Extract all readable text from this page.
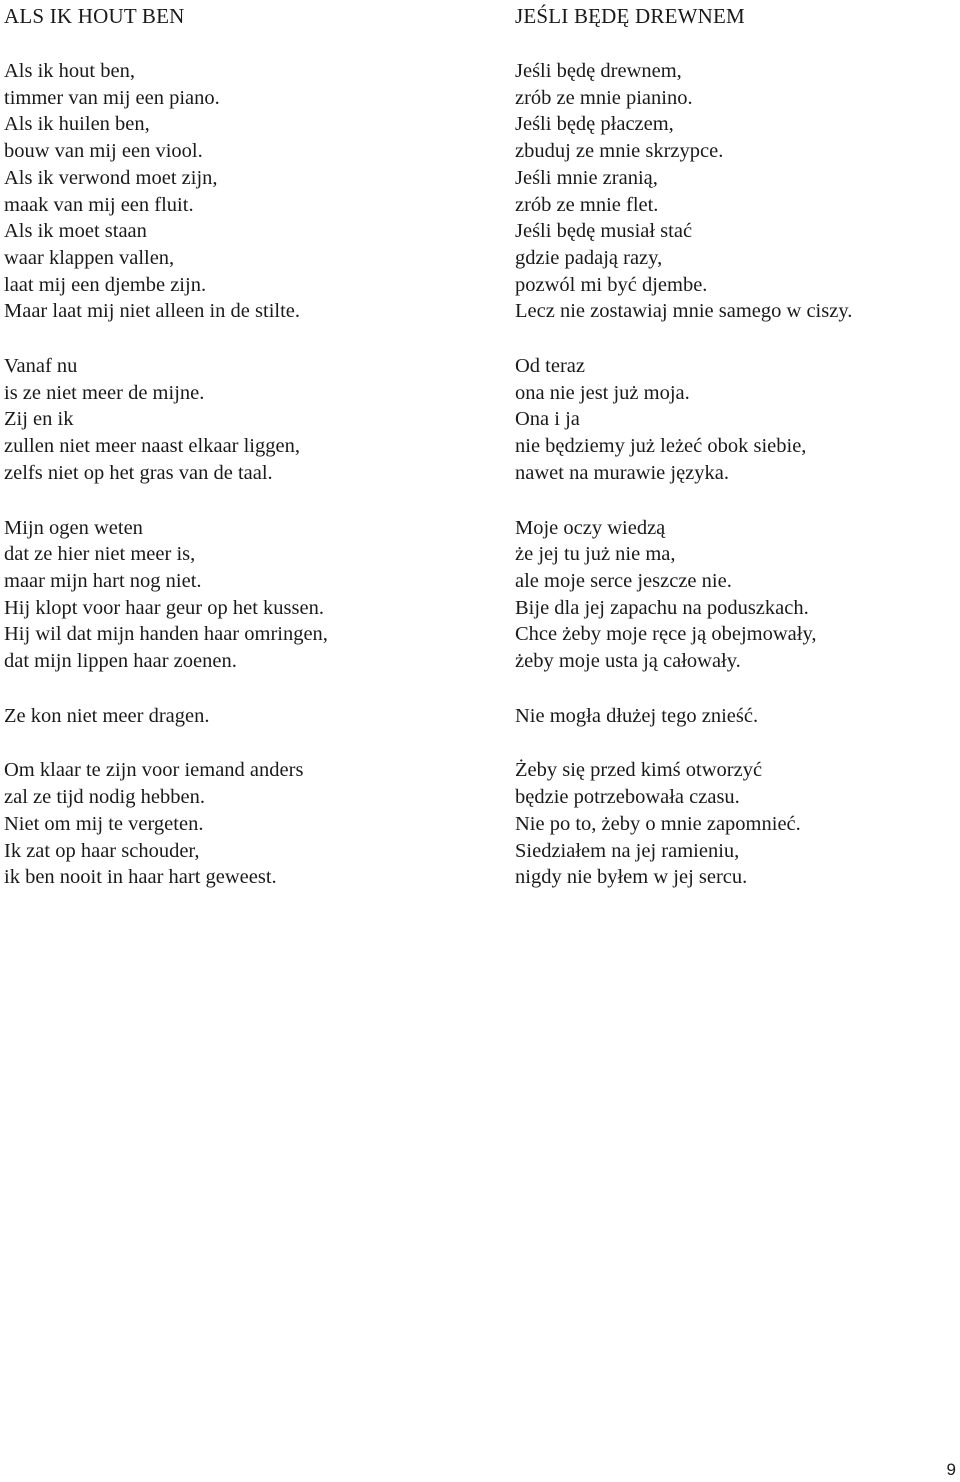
ALS IK HOUT BEN
Als ik hout ben,
timmer van mij een piano.
Als ik huilen ben,
bouw van mij een viool.
Als ik verwond moet zijn,
maak van mij een fluit.
Als ik moet staan
waar klappen vallen,
laat mij een djembe zijn.
Maar laat mij niet alleen in de stilte.
Vanaf nu
is ze niet meer de mijne.
Zij en ik
zullen niet meer naast elkaar liggen,
zelfs niet op het gras van de taal.
Mijn ogen weten
dat ze hier niet meer is,
maar mijn hart nog niet.
Hij klopt voor haar geur op het kussen.
Hij wil dat mijn handen haar omringen,
dat mijn lippen haar zoenen.
Ze kon niet meer dragen.
Om klaar te zijn voor iemand anders
zal ze tijd nodig hebben.
Niet om mij te vergeten.
Ik zat op haar schouder,
ik ben nooit in haar hart geweest.
JEŚLI BĘDĘ DREWNEM
Jeśli będę drewnem,
zrób ze mnie pianino.
Jeśli będę płaczem,
zbuduj ze mnie skrzypce.
Jeśli mnie zranią,
zrób ze mnie flet.
Jeśli będę musiał stać
gdzie padają razy,
pozwól mi być djembe.
Lecz nie zostawiaj mnie samego w ciszy.
Od teraz
ona nie jest już moja.
Ona i ja
nie będziemy już leżeć obok siebie,
nawet na murawie języka.
Moje oczy wiedzą
że jej tu już nie ma,
ale moje serce jeszcze nie.
Bije dla jej zapachu na poduszkach.
Chce żeby moje ręce ją obejmowały,
żeby moje usta ją całowały.
Nie mogła dłużej tego znieść.
Żeby się przed kimś otworzyć
będzie potrzebowała czasu.
Nie po to, żeby o mnie zapomnieć.
Siedziałem na jej ramieniu,
nigdy nie byłem w jej sercu.
9
